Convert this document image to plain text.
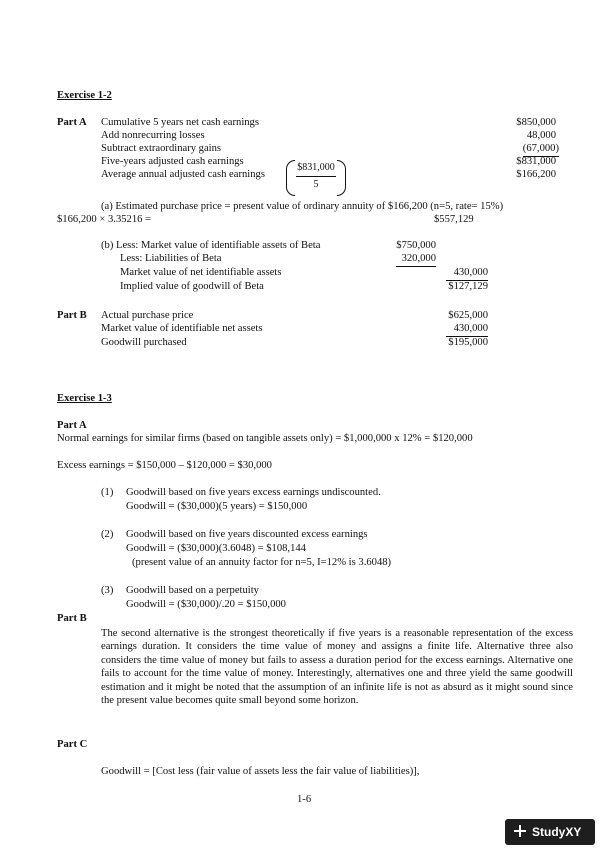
Exercise 1-2
Part A Cumulative 5 years net cash earnings	$850,000
Add nonrecurring losses	48,000
Subtract extraordinary gains	(67,000)
Five-years adjusted cash earnings	$831,000
Average annual adjusted cash earnings	$166,200
$831,000
5
(a) Estimated purchase price = present value of ordinary annuity of $166,200 (n=5, rate= 15%)
$166,200 × 3.35216 =	$557,129
(b) Less: Market value of identifiable assets of Beta	$750,000
Less: Liabilities of Beta	320,000
Market value of net identifiable assets	430,000
Implied value of goodwill of Beta	$127,129
Part B Actual purchase price	$625,000
Market value of identifiable net assets	430,000
Goodwill purchased	$195,000
Exercise 1-3
Part A
Normal earnings for similar firms (based on tangible assets only) = $1,000,000 x 12% = $120,000
Excess earnings = $150,000 – $120,000 = $30,000
(1) Goodwill based on five years excess earnings undiscounted.
Goodwill = ($30,000)(5 years) = $150,000
(2) Goodwill based on five years discounted excess earnings
Goodwill = ($30,000)(3.6048) = $108,144
(present value of an annuity factor for n=5, I=12% is 3.6048)
(3) Goodwill based on a perpetuity
Goodwill = ($30,000)/.20 = $150,000
Part B
The second alternative is the strongest theoretically if five years is a reasonable representation of the excess earnings duration. It considers the time value of money and assigns a finite life. Alternative three also considers the time value of money but fails to assess a duration period for the excess earnings. Alternative one fails to account for the time value of money. Interestingly, alternatives one and three yield the same goodwill estimation and it might be noted that the assumption of an infinite life is not as absurd as it might sound since the present value becomes quite small beyond some horizon.
Part C
Goodwill = [Cost less (fair value of assets less the fair value of liabilities)],
1-6
StudyXY
